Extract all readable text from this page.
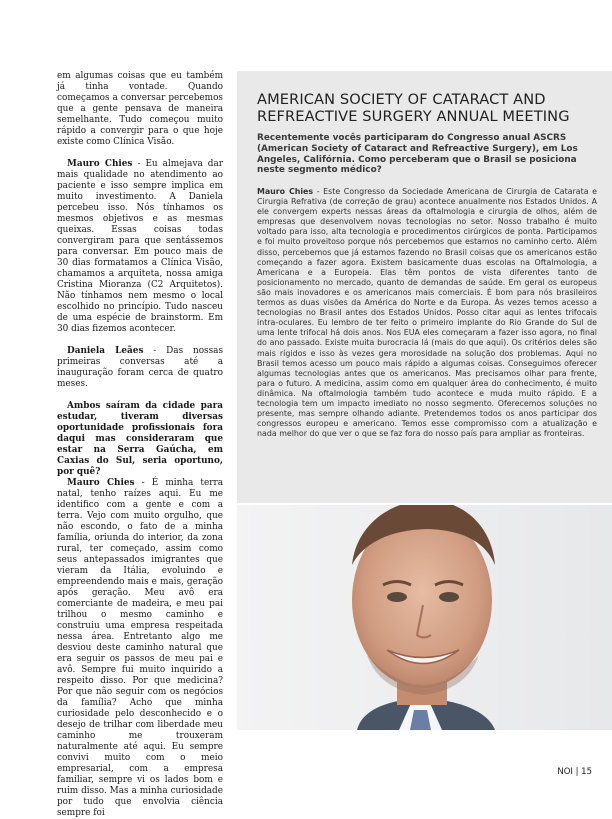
em algumas coisas que eu também já tinha vontade. Quando começamos a conversar percebemos que a gente pensava de maneira semelhante. Tudo começou muito rápido a convergir para o que hoje existe como Clínica Visão.

Mauro Chies - Eu almejava dar mais qualidade no atendimento ao paciente e isso sempre implica em muito investimento. A Daniela percebeu isso. Nós tínhamos os mesmos objetivos e as mesmas queixas. Essas coisas todas convergiram para que sentássemos para conversar. Em pouco mais de 30 dias formatamos a Clínica Visão, chamamos a arquiteta, nossa amiga Cristina Mioranza (C2 Arquitetos). Não tínhamos nem mesmo o local escolhido no princípio. Tudo nasceu de uma espécie de brainstorm. Em 30 dias fizemos acontecer.

Daniela Leães - Das nossas primeiras conversas até a inauguração foram cerca de quatro meses.

Ambos saíram da cidade para estudar, tiveram diversas oportunidade profissionais fora daqui mas consideraram que estar na Serra Gaúcha, em Caxias do Sul, seria oportuno, por quê?

Mauro Chies - É minha terra natal, tenho raízes aqui. Eu me identifico com a gente e com a terra. Vejo com muito orgulho, que não escondo, o fato de a minha família, oriunda do interior, da zona rural, ter começado, assim como seus antepassados imigrantes que vieram da Itália, evoluindo e empreendendo mais e mais, geração após geração. Meu avô era comerciante de madeira, e meu pai trilhou o mesmo caminho e construiu uma empresa respeitada nessa área. Entretanto algo me desviou deste caminho natural que era seguir os passos de meu pai e avô. Sempre fui muito inquirido a respeito disso. Por que medicina? Por que não seguir com os negócios da família? Acho que minha curiosidade pelo desconhecido e o desejo de trilhar com liberdade meu caminho me trouxeram naturalmente até aqui. Eu sempre convivi muito com o meio empresarial, com a empresa familiar, sempre vi os lados bom e ruim disso. Mas a minha curiosidade por tudo que envolvia ciência sempre foi

AMERICAN SOCIETY OF CATARACT AND
REFREACTIVE SURGERY ANNUAL MEETING

Recentemente vocês participaram do Congresso anual ASCRS (American Society of Cataract and Refreactive Surgery), em Los Angeles, Califórnia. Como perceberam que o Brasil se posiciona neste segmento médico?

Mauro Chies - Este Congresso da Sociedade Americana de Cirurgia de Catarata e Cirurgia Refrativa (de correção de grau) acontece anualmente nos Estados Unidos. A ele convergem experts nessas áreas da oftalmologia e cirurgia de olhos, além de empresas que desenvolvem novas tecnologias no setor. Nosso trabalho é muito voltado para isso, alta tecnologia e procedimentos cirúrgicos de ponta. Participamos e foi muito proveitoso porque nós percebemos que estamos no caminho certo. Além disso, percebemos que já estamos fazendo no Brasil coisas que os americanos estão começando a fazer agora. Existem basicamente duas escolas na Oftalmologia, a Americana e a Europeia. Elas têm pontos de vista diferentes tanto de posicionamento no mercado, quanto de demandas de saúde. Em geral os europeus são mais inovadores e os americanos mais comerciais. É bom para nós brasileiros termos as duas visões da América do Norte e da Europa. Às vezes temos acesso a tecnologias no Brasil antes dos Estados Unidos. Posso citar aqui as lentes trifocais intra-oculares. Eu lembro de ter feito o primeiro implante do Rio Grande do Sul de uma lente trifocal há dois anos. Nos EUA eles começaram a fazer isso agora, no final do ano passado. Existe muita burocracia lá (mais do que aqui). Os critérios deles são mais rígidos e isso às vezes gera morosidade na solução dos problemas. Aqui no Brasil temos acesso um pouco mais rápido a algumas coisas. Conseguimos oferecer algumas tecnologias antes que os americanos. Mas precisamos olhar para frente, para o futuro. A medicina, assim como em qualquer área do conhecimento, é muito dinâmica. Na oftalmologia também tudo acontece e muda muito rápido. E a tecnologia tem um impacto imediato no nosso segmento. Oferecemos soluções no presente, mas sempre olhando adiante. Pretendemos todos os anos participar dos congressos europeu e americano. Temos esse compromisso com a atualização e nada melhor do que ver o que se faz fora do nosso país para ampliar as fronteiras.

NOI | 15
